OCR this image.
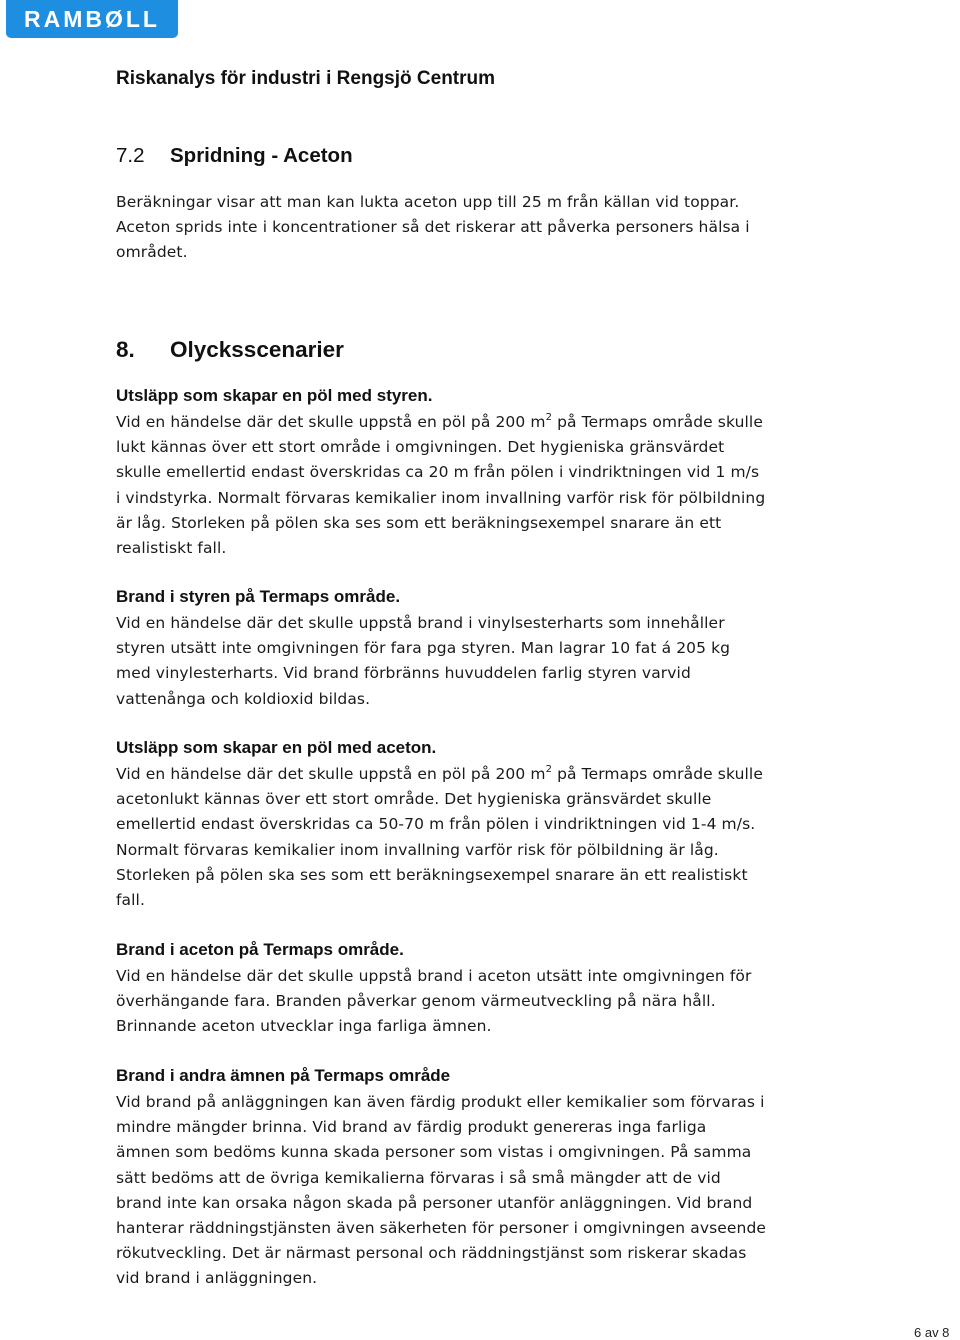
RAMBØLL
Riskanalys för industri i Rengsjö Centrum
7.2 Spridning - Aceton

Beräkningar visar att man kan lukta aceton upp till 25 m från källan vid toppar.
Aceton sprids inte i koncentrationer så det riskerar att påverka personers hälsa i
området.

8. Olycksscenarier
Utsläpp som skapar en pöl med styren.

Vid en händelse där det skulle uppstå en pöl på 200 $m^2$ på Termaps område skulle
lukt kännas över ett stort område i omgivningen. Det hygieniska gränsvärdet
skulle emellertid endast överskridas ca 20 m från pölen i vindriktningen vid 1 m/s
i vindstyrka. Normalt förvaras kemikalier inom invallning varför risk för pölbildning
är låg. Storleken på pölen ska ses som ett beräkningsexempel snarare än ett
realistiskt fall.

Brand i styren på Termaps område.

Vid en händelse där det skulle uppstå brand i vinylsesterharts som innehåller
styren utsätt inte omgivningen för fara pga styren. Man lagrar 10 fat á 205 kg
med vinylesterharts. Vid brand förbränns huvuddelen farlig styren varvid
vattenånga och koldioxid bildas.

Utsläpp som skapar en pöl med aceton.

Vid en händelse där det skulle uppstå en pöl på 200 $m^2$ på Termaps område skulle
acetonlukt kännas över ett stort område. Det hygieniska gränsvärdet skulle
emellertid endast överskridas ca 50-70 m från pölen i vindriktningen vid 1-4 m/s.
Normalt förvaras kemikalier inom invallning varför risk för pölbildning är låg.
Storleken på pölen ska ses som ett beräkningsexempel snarare än ett realistiskt
fall.

Brand i aceton på Termaps område.

Vid en händelse där det skulle uppstå brand i aceton utsätt inte omgivningen för
överhängande fara. Branden påverkar genom värmeutveckling på nära håll.
Brinnande aceton utvecklar inga farliga ämnen.

Brand i andra ämnen på Termaps område

Vid brand på anläggningen kan även färdig produkt eller kemikalier som förvaras i
mindre mängder brinna. Vid brand av färdig produkt genereras inga farliga
ämnen som bedöms kunna skada personer som vistas i omgivningen. På samma
sätt bedöms att de övriga kemikalierna förvaras i så små mängder att de vid
brand inte kan orsaka någon skada på personer utanför anläggningen. Vid brand
hanterar räddningstjänsten även säkerheten för personer i omgivningen avseende
rökutveckling. Det är närmast personal och räddningstjänst som riskerar skadas
vid brand i anläggningen.

6 av 8
